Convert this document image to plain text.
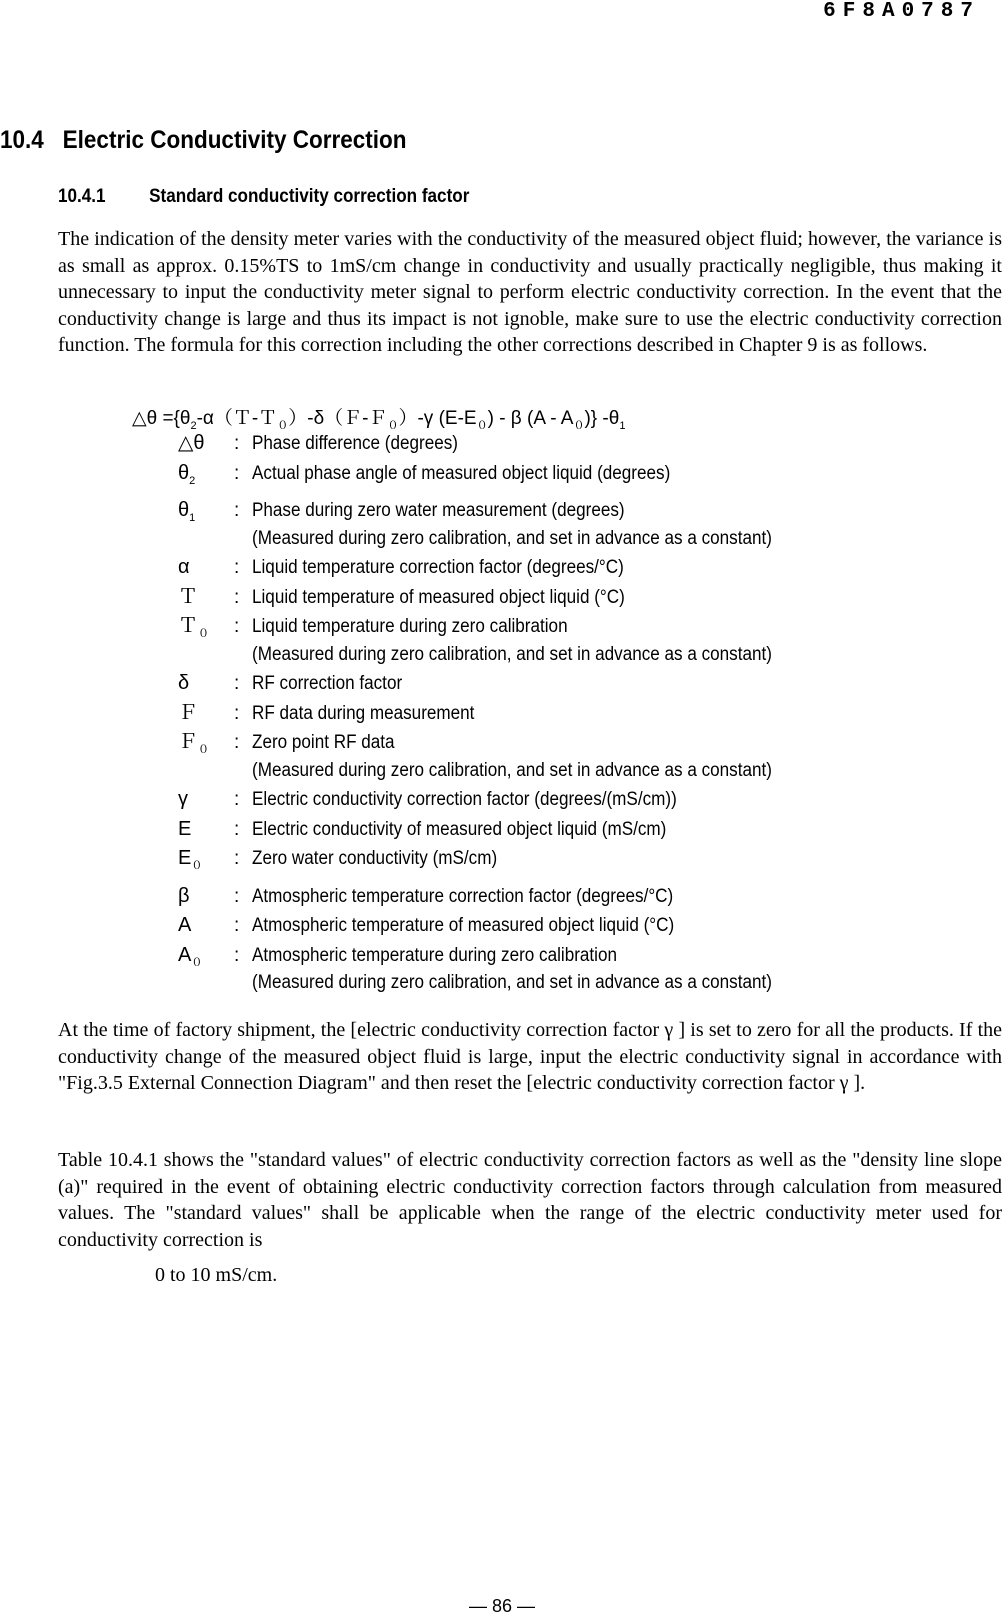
6F8A0787
10.4 Electric Conductivity Correction
10.4.1 Standard conductivity correction factor

The indication of the density meter varies with the conductivity of the measured object fluid; however, the variance is as small as approx. 0.15%TS to 1mS/cm change in conductivity and usually practically negligible, thus making it unnecessary to input the conductivity meter signal to perform electric conductivity correction. In the event that the conductivity change is large and thus its impact is not ignoble, make sure to use the electric conductivity correction function. The formula for this correction including the other corrections described in Chapter 9 is as follows.

△θ $=\{\theta_2-\alpha(T-T_0)-\delta(F-F_0)-\gamma$ $(E-E_0)$ - β $(A - A_0)$} $-\theta_1$
△θ	: Phase difference (degrees)
$\theta_2$	: Actual phase angle of measured object liquid (degrees)
$\theta_1$	: Phase during zero water measurement (degrees)
(Measured during zero calibration, and set in advance as a constant)
α	: Liquid temperature correction factor (degrees/°C)
Ｔ	: Liquid temperature of measured object liquid (°C)
Ｔ$_0$	: Liquid temperature during zero calibration
(Measured during zero calibration, and set in advance as a constant)
δ	: RF correction factor
Ｆ	: RF data during measurement
Ｆ$_0$	: Zero point RF data
(Measured during zero calibration, and set in advance as a constant)
γ	: Electric conductivity correction factor (degrees/(mS/cm))
E	: Electric conductivity of measured object liquid (mS/cm)
$E_0$	: Zero water conductivity (mS/cm)
β	: Atmospheric temperature correction factor (degrees/°C)
A	: Atmospheric temperature of measured object liquid (°C)
$A_0$	: Atmospheric temperature during zero calibration
(Measured during zero calibration, and set in advance as a constant)

At the time of factory shipment, the [electric conductivity correction factor γ ] is set to zero for all the products. If the conductivity change of the measured object fluid is large, input the electric conductivity signal in accordance with "Fig.3.5 External Connection Diagram" and then reset the [electric conductivity correction factor γ ].

Table 10.4.1 shows the "standard values" of electric conductivity correction factors as well as the "density line slope (a)" required in the event of obtaining electric conductivity correction factors through calculation from measured values. The "standard values" shall be applicable when the range of the electric conductivity meter used for conductivity correction is

0 to 10 mS/cm.
― 86 ―
